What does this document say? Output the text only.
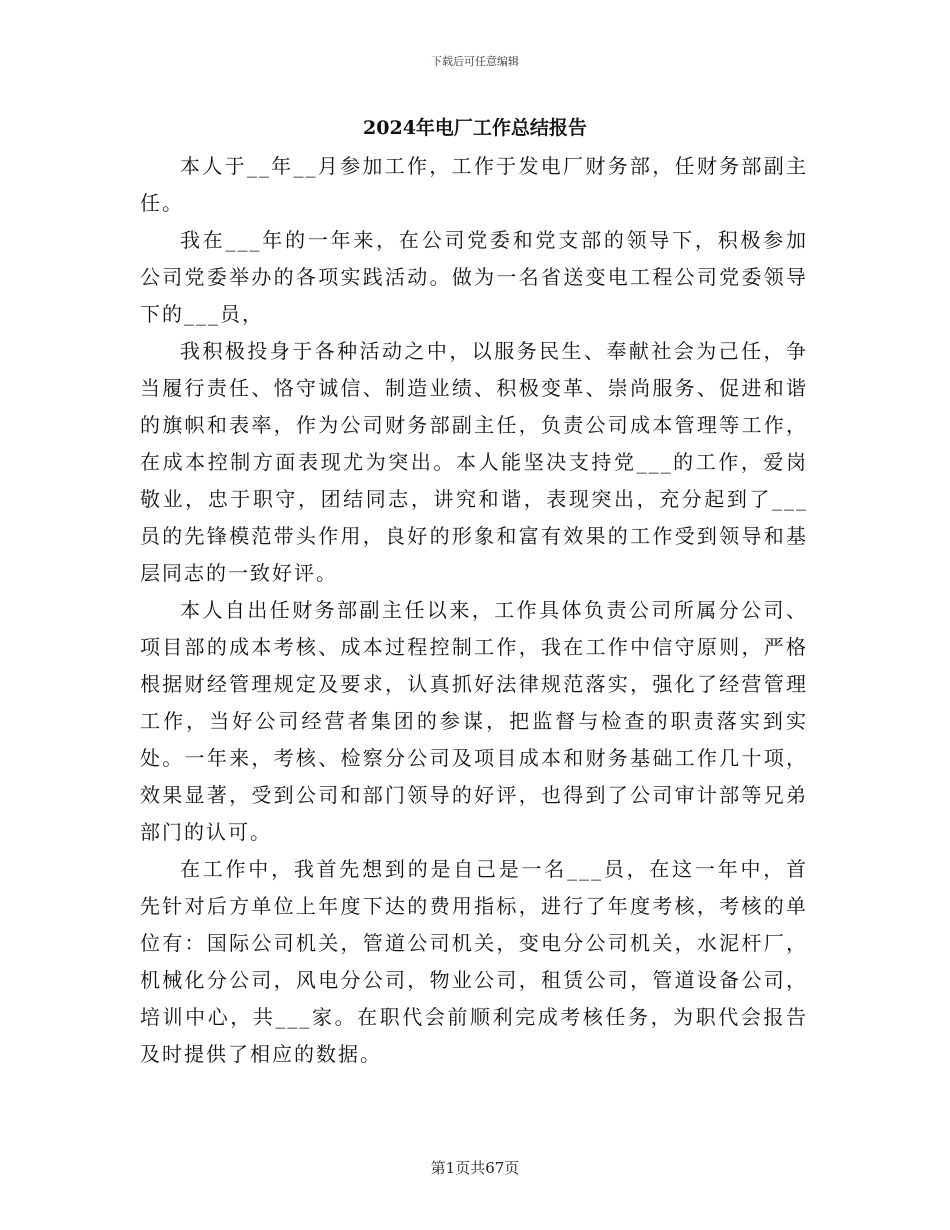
下载后可任意编辑
2024年电厂工作总结报告

本人于__年__月参加工作，工作于发电厂财务部，任财务部副主任。

我在___年的一年来，在公司党委和党支部的领导下，积极参加公司党委举办的各项实践活动。做为一名省送变电工程公司党委领导下的___员，

我积极投身于各种活动之中，以服务民生、奉献社会为己任，争当履行责任、恪守诚信、制造业绩、积极变革、崇尚服务、促进和谐的旗帜和表率，作为公司财务部副主任，负责公司成本管理等工作，在成本控制方面表现尤为突出。本人能坚决支持党___的工作，爱岗敬业，忠于职守，团结同志，讲究和谐，表现突出，充分起到了___员的先锋模范带头作用，良好的形象和富有效果的工作受到领导和基层同志的一致好评。

本人自出任财务部副主任以来，工作具体负责公司所属分公司、项目部的成本考核、成本过程控制工作，我在工作中信守原则，严格根据财经管理规定及要求，认真抓好法律规范落实，强化了经营管理工作，当好公司经营者集团的参谋，把监督与检查的职责落实到实处。一年来，考核、检察分公司及项目成本和财务基础工作几十项，效果显著，受到公司和部门领导的好评，也得到了公司审计部等兄弟部门的认可。

在工作中，我首先想到的是自己是一名___员，在这一年中，首先针对后方单位上年度下达的费用指标，进行了年度考核，考核的单位有：国际公司机关，管道公司机关，变电分公司机关，水泥杆厂，机械化分公司，风电分公司，物业公司，租赁公司，管道设备公司，培训中心，共___家。在职代会前顺利完成考核任务，为职代会报告及时提供了相应的数据。

第1页共67页
